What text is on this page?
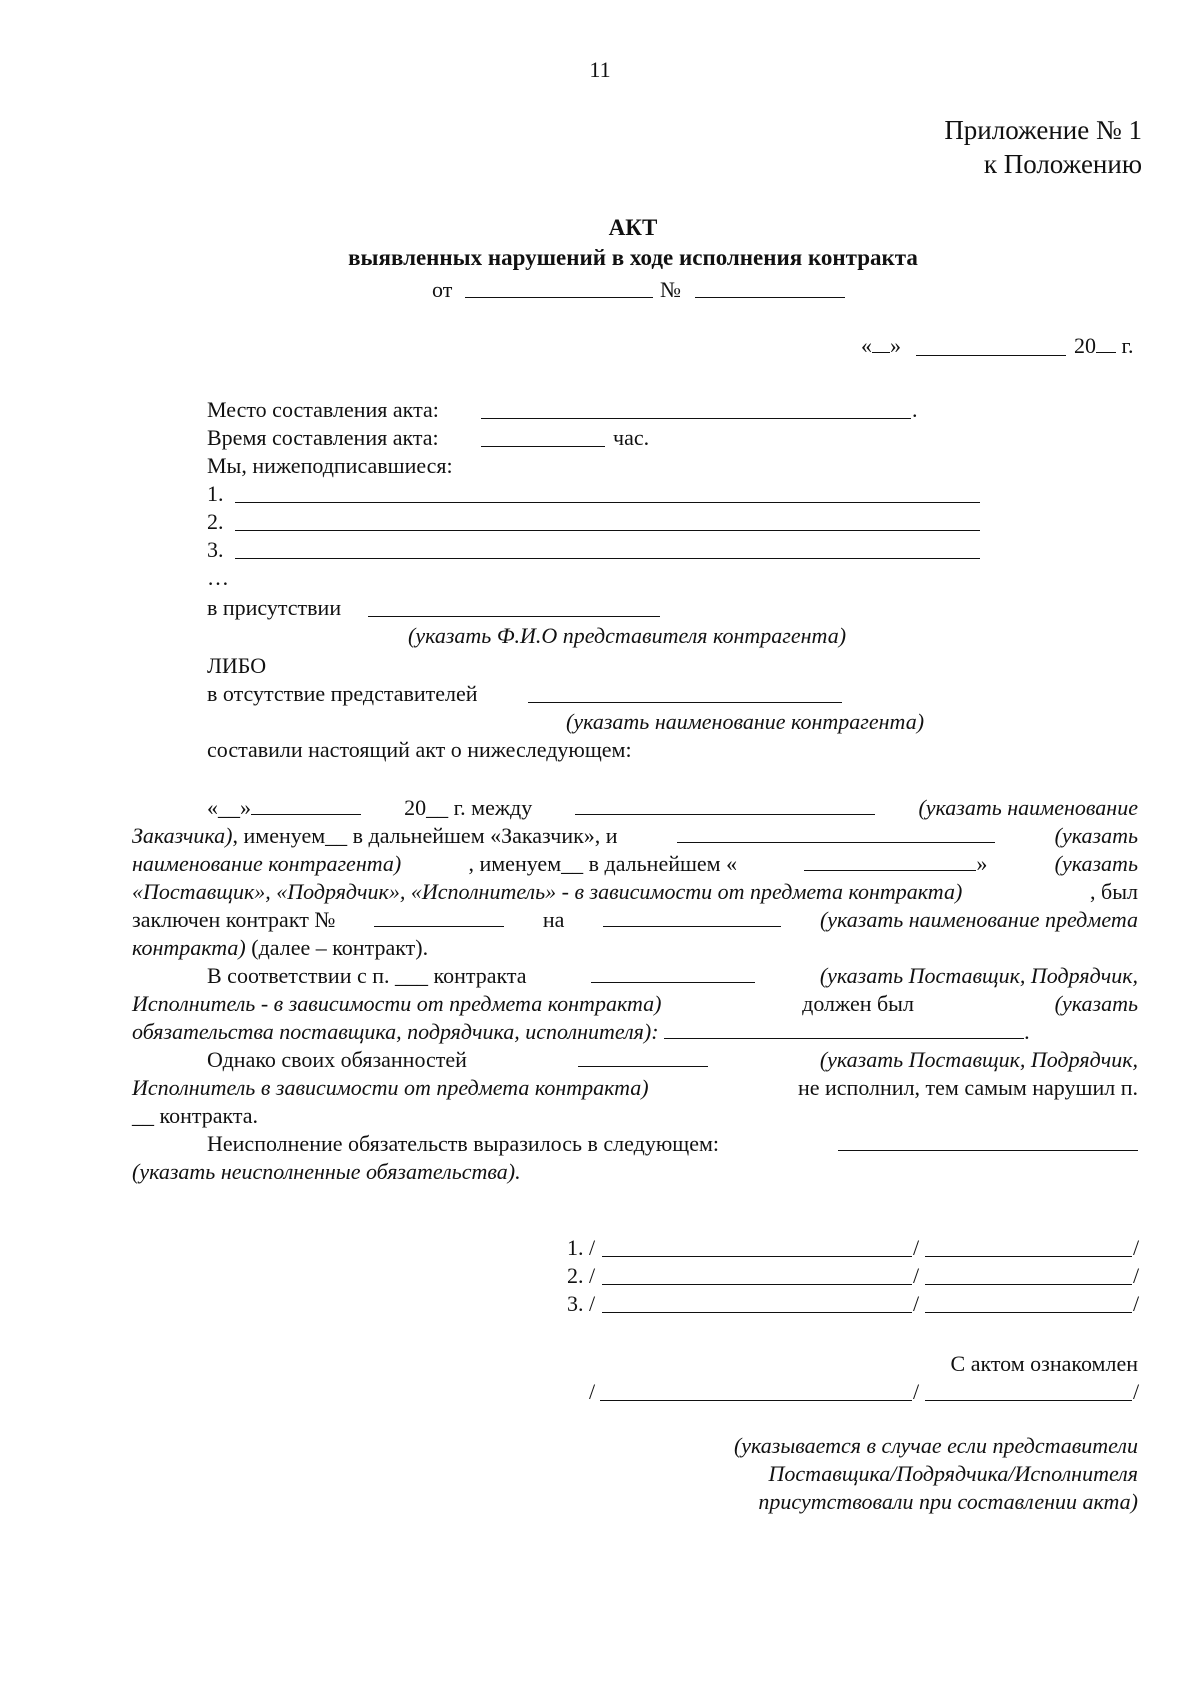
11
Приложение № 1
к Положению
АКТ
выявленных нарушений в ходе исполнения контракта
от	№
« »	20 г.
Место составления акта:	.
Время составления акта:	час.
Мы, нижеподписавшиеся:
1.
2.
3.
…
в присутствии
(указать Ф.И.О представителя контрагента)
ЛИБО
в отсутствие представителей
(указать наименование контрагента)
составили настоящий акт о нижеследующем:
«__»	20__ г. между	(указать наименование
Заказчика), именуем__ в дальнейшем «Заказчик», и	(указать
наименование контрагента)	, именуем__ в дальнейшем «	»	(указать
«Поставщик», «Подрядчик», «Исполнитель» - в зависимости от предмета контракта)	, был
заключен контракт №	на	(указать наименование предмета
контракта) (далее – контракт).
В соответствии с п. ___ контракта	(указать Поставщик, Подрядчик,
Исполнитель - в зависимости от предмета контракта)	должен был	(указать
обязательства поставщика, подрядчика, исполнителя):	.
Однако своих обязанностей	(указать Поставщик, Подрядчик,
Исполнитель в зависимости от предмета контракта)	не исполнил, тем самым нарушил п.
__ контракта.
Неисполнение обязательств выразилось в следующем:
(указать неисполненные обязательства).
1. /	/	/
2. /	/	/
3. /	/	/
С актом ознакомлен
/	/	/
(указывается в случае если представители
Поставщика/Подрядчика/Исполнителя
присутствовали при составлении акта)
